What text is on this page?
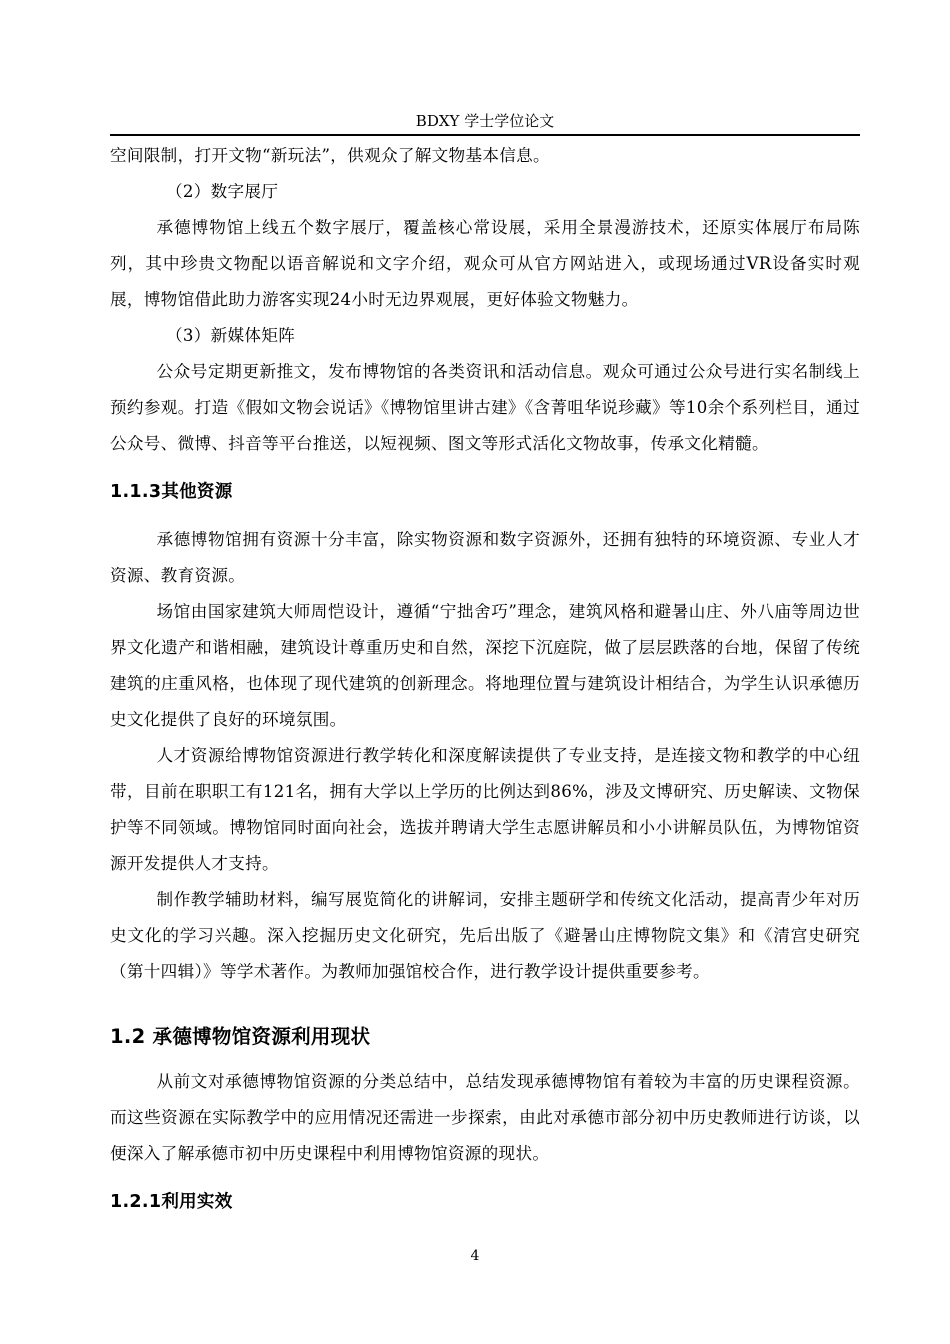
BDXY 学士学位论文

空间限制，打开文物“新玩法”，供观众了解文物基本信息。

（2）数字展厅

承德博物馆上线五个数字展厅，覆盖核心常设展，采用全景漫游技术，还原实体展厅布局陈列，其中珍贵文物配以语音解说和文字介绍，观众可从官方网站进入，或现场通过VR设备实时观展，博物馆借此助力游客实现24小时无边界观展，更好体验文物魅力。

（3）新媒体矩阵

公众号定期更新推文，发布博物馆的各类资讯和活动信息。观众可通过公众号进行实名制线上预约参观。打造《假如文物会说话》《博物馆里讲古建》《含菁咀华说珍藏》等10余个系列栏目，通过公众号、微博、抖音等平台推送，以短视频、图文等形式活化文物故事，传承文化精髓。

1.1.3其他资源

承德博物馆拥有资源十分丰富，除实物资源和数字资源外，还拥有独特的环境资源、专业人才资源、教育资源。

场馆由国家建筑大师周恺设计，遵循“宁拙舍巧”理念，建筑风格和避暑山庄、外八庙等周边世界文化遗产和谐相融，建筑设计尊重历史和自然，深挖下沉庭院，做了层层跌落的台地，保留了传统建筑的庄重风格，也体现了现代建筑的创新理念。将地理位置与建筑设计相结合，为学生认识承德历史文化提供了良好的环境氛围。

人才资源给博物馆资源进行教学转化和深度解读提供了专业支持，是连接文物和教学的中心纽带，目前在职职工有121名，拥有大学以上学历的比例达到86%，涉及文博研究、历史解读、文物保护等不同领域。博物馆同时面向社会，选拔并聘请大学生志愿讲解员和小小讲解员队伍，为博物馆资源开发提供人才支持。

制作教学辅助材料，编写展览简化的讲解词，安排主题研学和传统文化活动，提高青少年对历史文化的学习兴趣。深入挖掘历史文化研究，先后出版了《避暑山庄博物院文集》和《清宫史研究（第十四辑）》等学术著作。为教师加强馆校合作，进行教学设计提供重要参考。

1.2 承德博物馆资源利用现状

从前文对承德博物馆资源的分类总结中，总结发现承德博物馆有着较为丰富的历史课程资源。而这些资源在实际教学中的应用情况还需进一步探索，由此对承德市部分初中历史教师进行访谈，以便深入了解承德市初中历史课程中利用博物馆资源的现状。

1.2.1利用实效
4
